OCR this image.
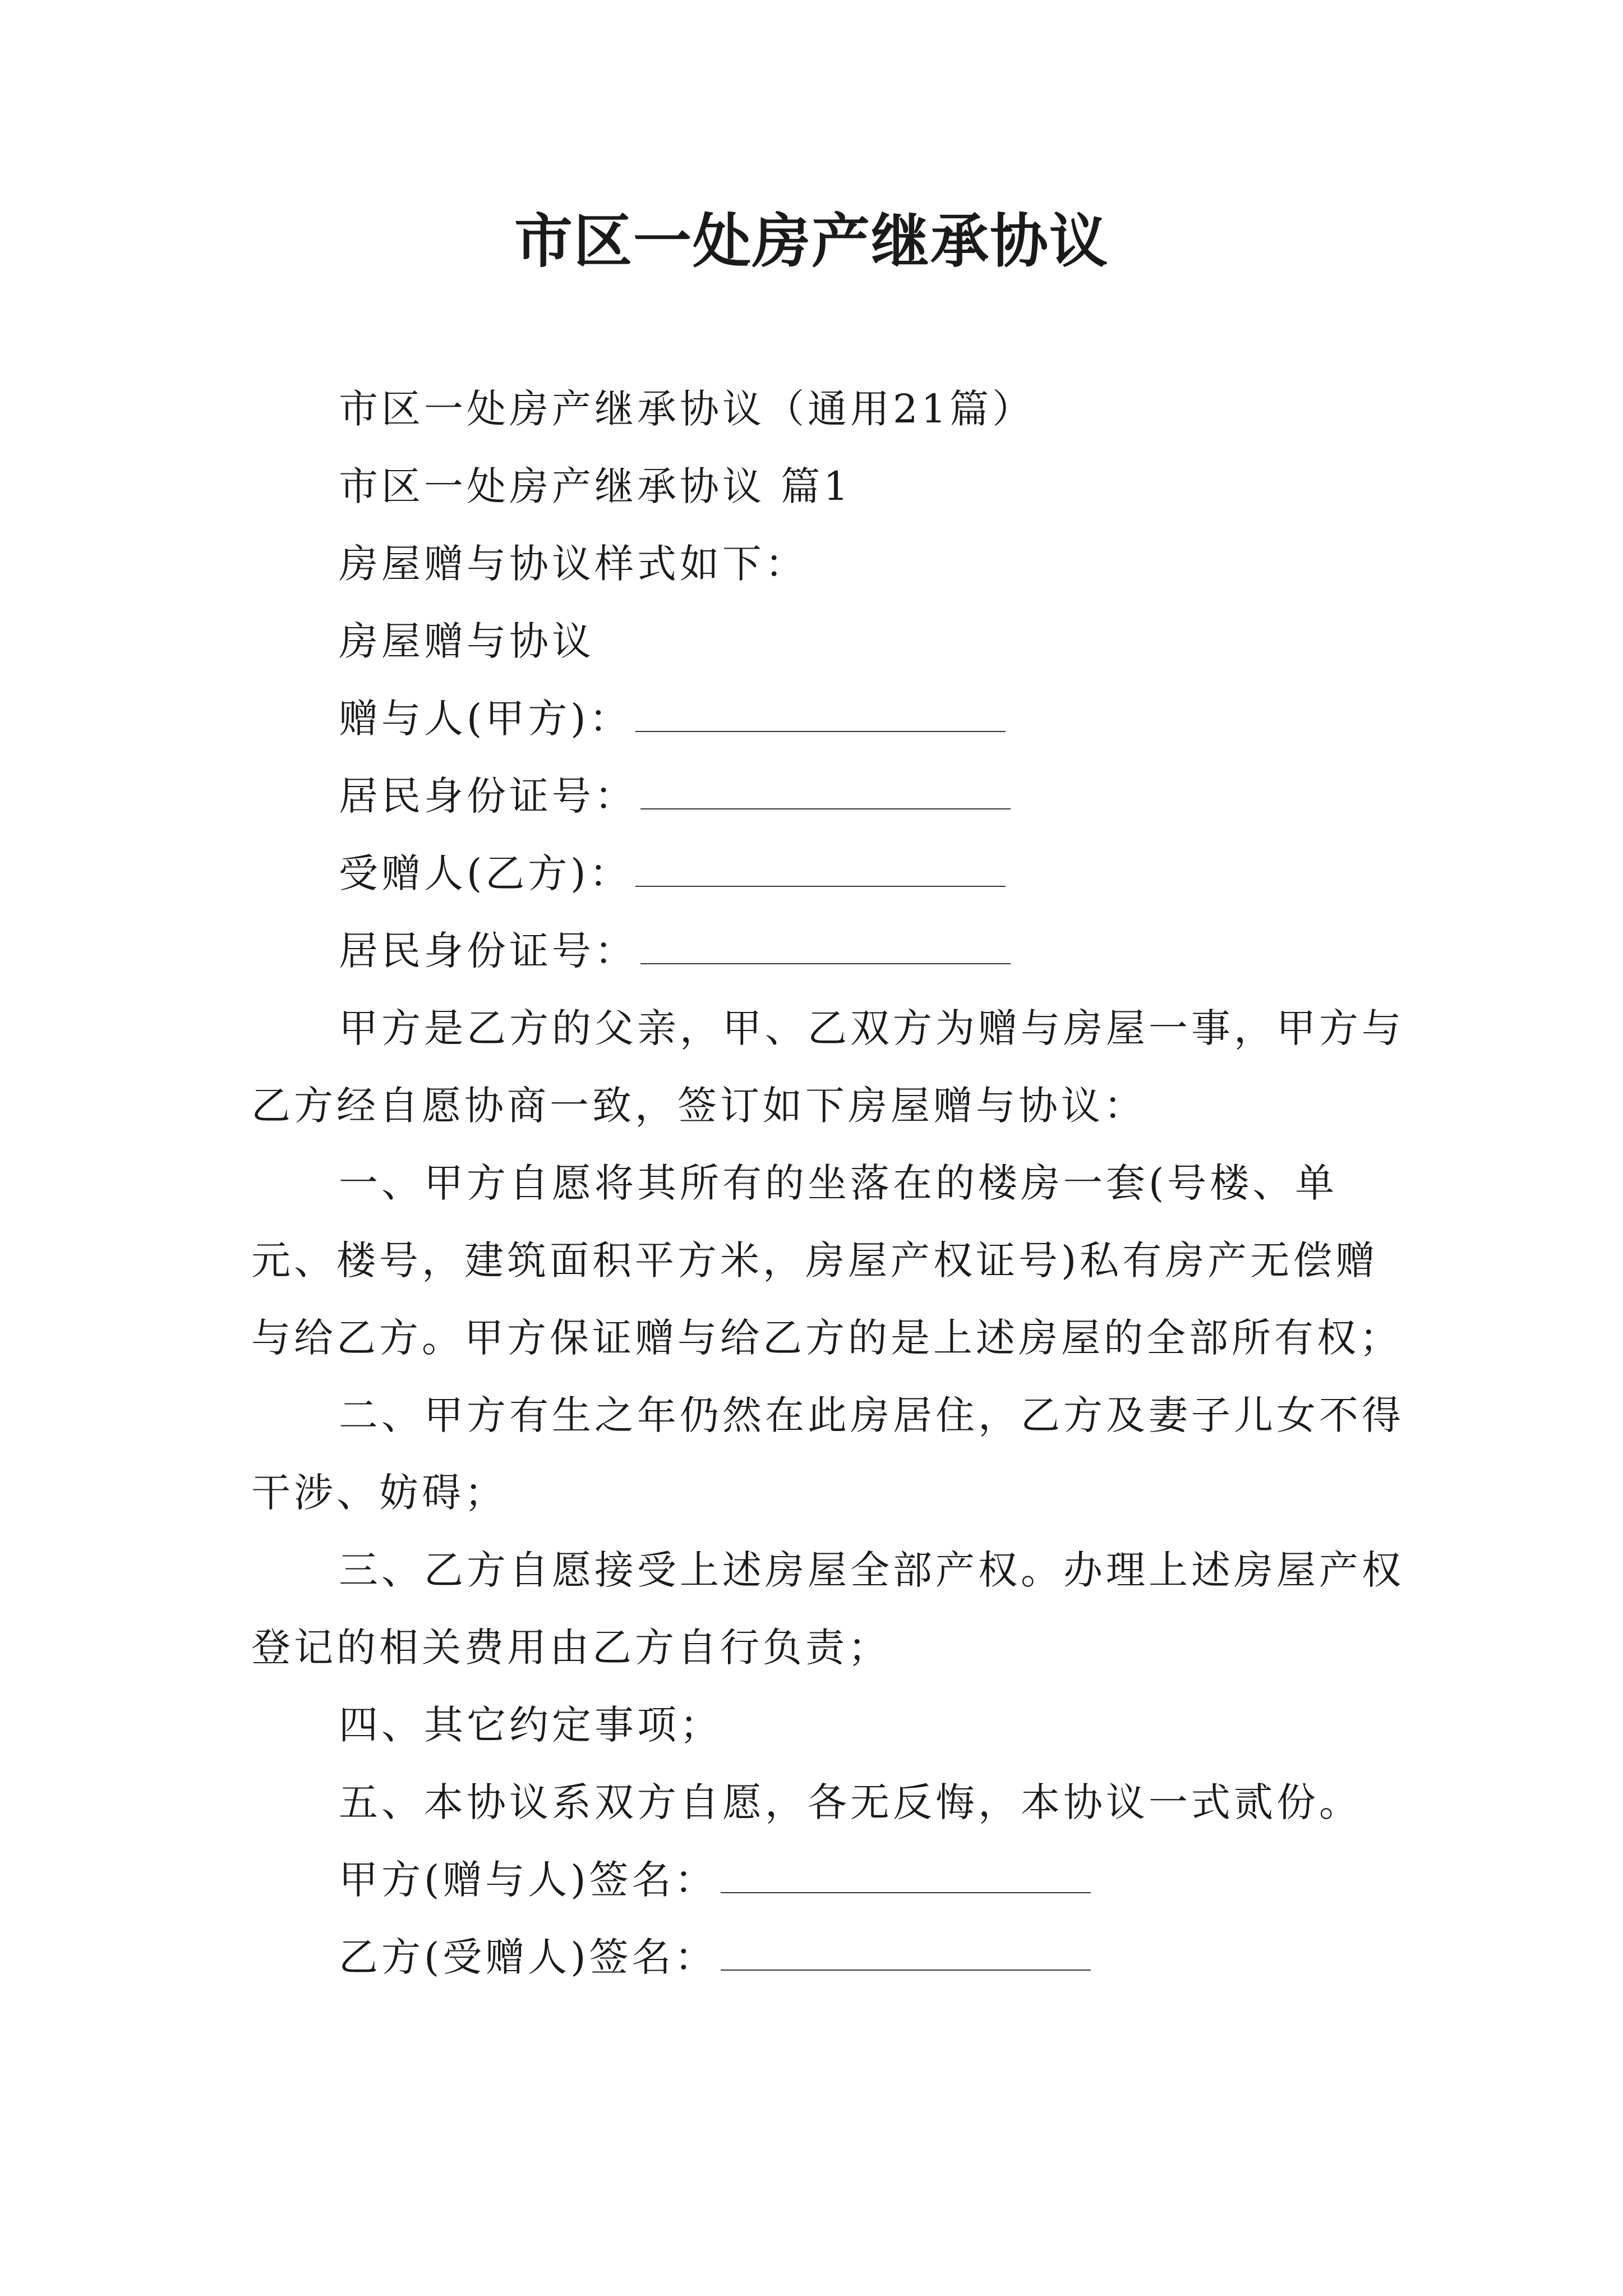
市区一处房产继承协议

市区一处房产继承协议（通用21篇）

市区一处房产继承协议 篇1

房屋赠与协议样式如下：

房屋赠与协议

赠与人(甲方)：

居民身份证号：

受赠人(乙方)：

居民身份证号：

甲方是乙方的父亲，甲、乙双方为赠与房屋一事，甲方与乙方经自愿协商一致，签订如下房屋赠与协议：

一、甲方自愿将其所有的坐落在的楼房一套(号楼、单元、楼号，建筑面积平方米，房屋产权证号)私有房产无偿赠与给乙方。甲方保证赠与给乙方的是上述房屋的全部所有权；

二、甲方有生之年仍然在此房居住，乙方及妻子儿女不得干涉、妨碍；

三、乙方自愿接受上述房屋全部产权。办理上述房屋产权登记的相关费用由乙方自行负责；

四、其它约定事项；

五、本协议系双方自愿，各无反悔，本协议一式贰份。

甲方(赠与人)签名：

乙方(受赠人)签名：
